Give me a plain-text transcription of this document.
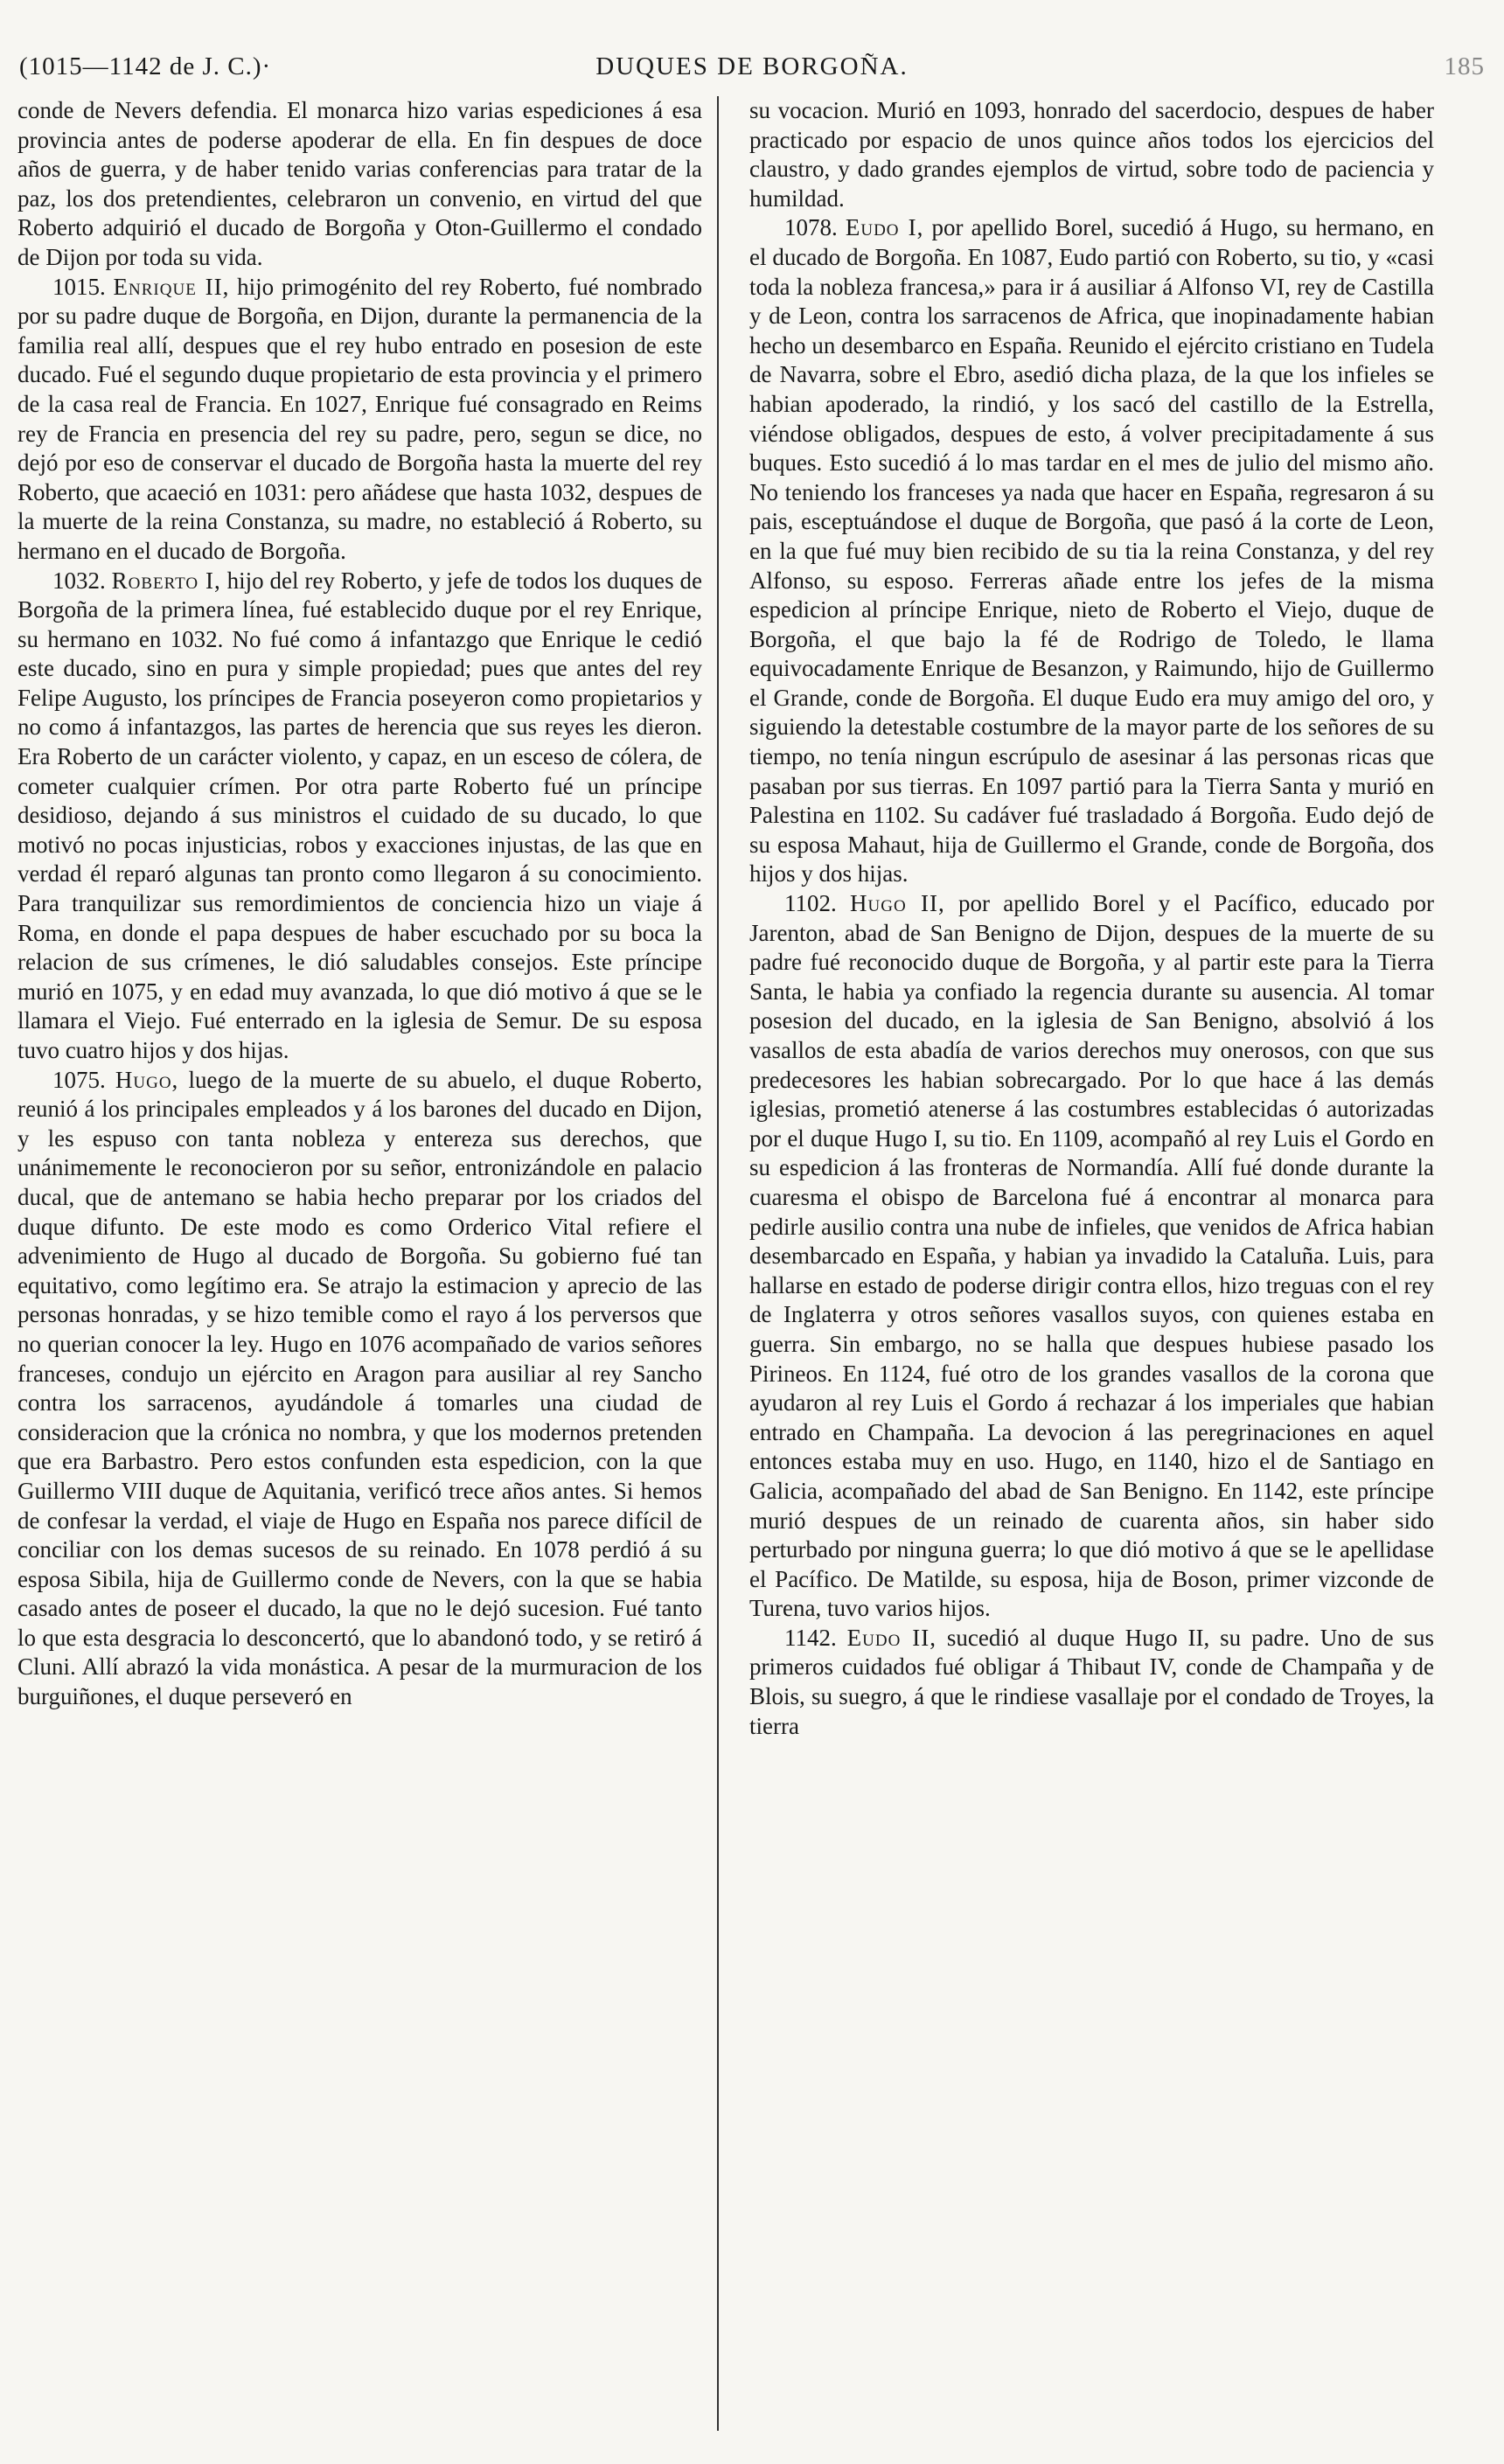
(1015—1142 de J. C.)·	DUQUES DE BORGOÑA.	185

conde de Nevers defendia. El monarca hizo varias espediciones á esa provincia antes de poderse apoderar de ella. En fin despues de doce años de guerra, y de haber tenido varias conferencias para tratar de la paz, los dos pretendientes, celebraron un convenio, en virtud del que Roberto adquirió el ducado de Borgoña y Oton-Guillermo el condado de Dijon por toda su vida.

1015. Enrique II, hijo primogénito del rey Roberto, fué nombrado por su padre duque de Borgoña, en Dijon, durante la permanencia de la familia real allí, despues que el rey hubo entrado en posesion de este ducado. Fué el segundo duque propietario de esta provincia y el primero de la casa real de Francia. En 1027, Enrique fué consagrado en Reims rey de Francia en presencia del rey su padre, pero, segun se dice, no dejó por eso de conservar el ducado de Borgoña hasta la muerte del rey Roberto, que acaeció en 1031: pero añádese que hasta 1032, despues de la muerte de la reina Constanza, su madre, no estableció á Roberto, su hermano en el ducado de Borgoña.

1032. Roberto I, hijo del rey Roberto, y jefe de todos los duques de Borgoña de la primera línea, fué establecido duque por el rey Enrique, su hermano en 1032. No fué como á infantazgo que Enrique le cedió este ducado, sino en pura y simple propiedad; pues que antes del rey Felipe Augusto, los príncipes de Francia poseyeron como propietarios y no como á infantazgos, las partes de herencia que sus reyes les dieron. Era Roberto de un carácter violento, y capaz, en un esceso de cólera, de cometer cualquier crímen. Por otra parte Roberto fué un príncipe desidioso, dejando á sus ministros el cuidado de su ducado, lo que motivó no pocas injusticias, robos y exacciones injustas, de las que en verdad él reparó algunas tan pronto como llegaron á su conocimiento. Para tranquilizar sus remordimientos de conciencia hizo un viaje á Roma, en donde el papa despues de haber escuchado por su boca la relacion de sus crímenes, le dió saludables consejos. Este príncipe murió en 1075, y en edad muy avanzada, lo que dió motivo á que se le llamara el Viejo. Fué enterrado en la iglesia de Semur. De su esposa tuvo cuatro hijos y dos hijas.

1075. Hugo, luego de la muerte de su abuelo, el duque Roberto, reunió á los principales empleados y á los barones del ducado en Dijon, y les espuso con tanta nobleza y entereza sus derechos, que unánimemente le reconocieron por su señor, entronizándole en palacio ducal, que de antemano se habia hecho preparar por los criados del duque difunto. De este modo es como Orderico Vital refiere el advenimiento de Hugo al ducado de Borgoña. Su gobierno fué tan equitativo, como legítimo era. Se atrajo la estimacion y aprecio de las personas honradas, y se hizo temible como el rayo á los perversos que no querian conocer la ley. Hugo en 1076 acompañado de varios señores franceses, condujo un ejército en Aragon para ausiliar al rey Sancho contra los sarracenos, ayudándole á tomarles una ciudad de consideracion que la crónica no nombra, y que los modernos pretenden que era Barbastro. Pero estos confunden esta espedicion, con la que Guillermo VIII duque de Aquitania, verificó trece años antes. Si hemos de confesar la verdad, el viaje de Hugo en España nos parece difícil de conciliar con los demas sucesos de su reinado. En 1078 perdió á su esposa Sibila, hija de Guillermo conde de Nevers, con la que se habia casado antes de poseer el ducado, la que no le dejó sucesion. Fué tanto lo que esta desgracia lo desconcertó, que lo abandonó todo, y se retiró á Cluni. Allí abrazó la vida monástica. A pesar de la murmuracion de los burguiñones, el duque perseveró en

su vocacion. Murió en 1093, honrado del sacerdocio, despues de haber practicado por espacio de unos quince años todos los ejercicios del claustro, y dado grandes ejemplos de virtud, sobre todo de paciencia y humildad.

1078. Eudo I, por apellido Borel, sucedió á Hugo, su hermano, en el ducado de Borgoña. En 1087, Eudo partió con Roberto, su tio, y «casi toda la nobleza francesa,» para ir á ausiliar á Alfonso VI, rey de Castilla y de Leon, contra los sarracenos de Africa, que inopinadamente habian hecho un desembarco en España. Reunido el ejército cristiano en Tudela de Navarra, sobre el Ebro, asedió dicha plaza, de la que los infieles se habian apoderado, la rindió, y los sacó del castillo de la Estrella, viéndose obligados, despues de esto, á volver precipitadamente á sus buques. Esto sucedió á lo mas tardar en el mes de julio del mismo año. No teniendo los franceses ya nada que hacer en España, regresaron á su pais, esceptuándose el duque de Borgoña, que pasó á la corte de Leon, en la que fué muy bien recibido de su tia la reina Constanza, y del rey Alfonso, su esposo. Ferreras añade entre los jefes de la misma espedicion al príncipe Enrique, nieto de Roberto el Viejo, duque de Borgoña, el que bajo la fé de Rodrigo de Toledo, le llama equivocadamente Enrique de Besanzon, y Raimundo, hijo de Guillermo el Grande, conde de Borgoña. El duque Eudo era muy amigo del oro, y siguiendo la detestable costumbre de la mayor parte de los señores de su tiempo, no tenía ningun escrúpulo de asesinar á las personas ricas que pasaban por sus tierras. En 1097 partió para la Tierra Santa y murió en Palestina en 1102. Su cadáver fué trasladado á Borgoña. Eudo dejó de su esposa Mahaut, hija de Guillermo el Grande, conde de Borgoña, dos hijos y dos hijas.

1102. Hugo II, por apellido Borel y el Pacífico, educado por Jarenton, abad de San Benigno de Dijon, despues de la muerte de su padre fué reconocido duque de Borgoña, y al partir este para la Tierra Santa, le habia ya confiado la regencia durante su ausencia. Al tomar posesion del ducado, en la iglesia de San Benigno, absolvió á los vasallos de esta abadía de varios derechos muy onerosos, con que sus predecesores les habian sobrecargado. Por lo que hace á las demás iglesias, prometió atenerse á las costumbres establecidas ó autorizadas por el duque Hugo I, su tio. En 1109, acompañó al rey Luis el Gordo en su espedicion á las fronteras de Normandía. Allí fué donde durante la cuaresma el obispo de Barcelona fué á encontrar al monarca para pedirle ausilio contra una nube de infieles, que venidos de Africa habian desembarcado en España, y habian ya invadido la Cataluña. Luis, para hallarse en estado de poderse dirigir contra ellos, hizo treguas con el rey de Inglaterra y otros señores vasallos suyos, con quienes estaba en guerra. Sin embargo, no se halla que despues hubiese pasado los Pirineos. En 1124, fué otro de los grandes vasallos de la corona que ayudaron al rey Luis el Gordo á rechazar á los imperiales que habian entrado en Champaña. La devocion á las peregrinaciones en aquel entonces estaba muy en uso. Hugo, en 1140, hizo el de Santiago en Galicia, acompañado del abad de San Benigno. En 1142, este príncipe murió despues de un reinado de cuarenta años, sin haber sido perturbado por ninguna guerra; lo que dió motivo á que se le apellidase el Pacífico. De Matilde, su esposa, hija de Boson, primer vizconde de Turena, tuvo varios hijos.

1142. Eudo II, sucedió al duque Hugo II, su padre. Uno de sus primeros cuidados fué obligar á Thibaut IV, conde de Champaña y de Blois, su suegro, á que le rindiese vasallaje por el condado de Troyes, la tierra
